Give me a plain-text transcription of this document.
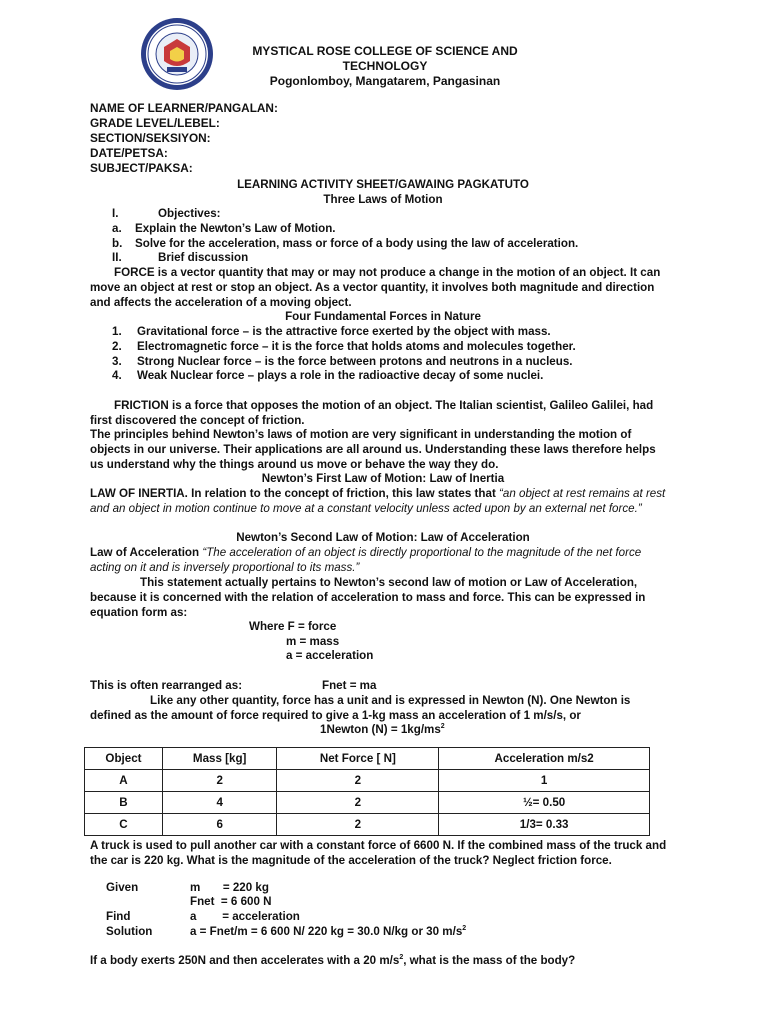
MYSTICAL ROSE COLLEGE OF SCIENCE AND TECHNOLOGY
Pogonlomboy, Mangatarem, Pangasinan
NAME OF LEARNER/PANGALAN:
GRADE LEVEL/LEBEL:
SECTION/SEKSIYON:
DATE/PETSA:
SUBJECT/PAKSA:
LEARNING ACTIVITY SHEET/GAWAING PAGKATUTO
Three Laws of Motion
I.	Objectives:
a. Explain the Newton’s Law of Motion.
b. Solve for the acceleration, mass or force of a body using the law of acceleration.
II.	Brief discussion
FORCE is a vector quantity that may or may not produce a change in the motion of an object. It can move an object at rest or stop an object. As a vector quantity, it involves both magnitude and direction and affects the acceleration of a moving object.
Four Fundamental Forces in Nature
1. Gravitational force – is the attractive force exerted by the object with mass.
2. Electromagnetic force – it is the force that holds atoms and molecules together.
3. Strong Nuclear force – is the force between protons and neutrons in a nucleus.
4. Weak Nuclear force – plays a role in the radioactive decay of some nuclei.
FRICTION is a force that opposes the motion of an object. The Italian scientist, Galileo Galilei, had first discovered the concept of friction.
The principles behind Newton’s laws of motion are very significant in understanding the motion of objects in our universe. Their applications are all around us. Understanding these laws therefore helps us understand why the things around us move or behave the way they do.
Newton’s First Law of Motion: Law of Inertia
LAW OF INERTIA. In relation to the concept of friction, this law states that “an object at rest remains at rest and an object in motion continue to move at a constant velocity unless acted upon by an external net force.”
Newton’s Second Law of Motion: Law of Acceleration
Law of Acceleration “The acceleration of an object is directly proportional to the magnitude of the net force acting on it and is inversely proportional to its mass.”
This statement actually pertains to Newton’s second law of motion or Law of Acceleration, because it is concerned with the relation of acceleration to mass and force. This can be expressed in equation form as:
Where F = force
m = mass
a = acceleration
This is often rearranged as:	Fnet = ma
Like any other quantity, force has a unit and is expressed in Newton (N). One Newton is defined as the amount of force required to give a 1-kg mass an acceleration of 1 m/s/s, or
1Newton $(N) = 1kg/ms^2$
Object	Mass [kg]	Net Force [ N]	Acceleration m/s2
A	2	2	1
B	4	2	½= 0.50
C	6	2	1/3= 0.33
A truck is used to pull another car with a constant force of 6600 N. If the combined mass of the truck and the car is 220 kg. What is the magnitude of the acceleration of the truck? Neglect friction force.
Given	m       = 220 kg
Fnet  = 6 600 N
Find	a        = acceleration
Solution	a = Fnet/m = 6 600 N/ 220 kg = 30.0 N/kg or 30 $m/s^2$
If a body exerts 250N and then accelerates with a 20 $m/s^2$, what is the mass of the body?
